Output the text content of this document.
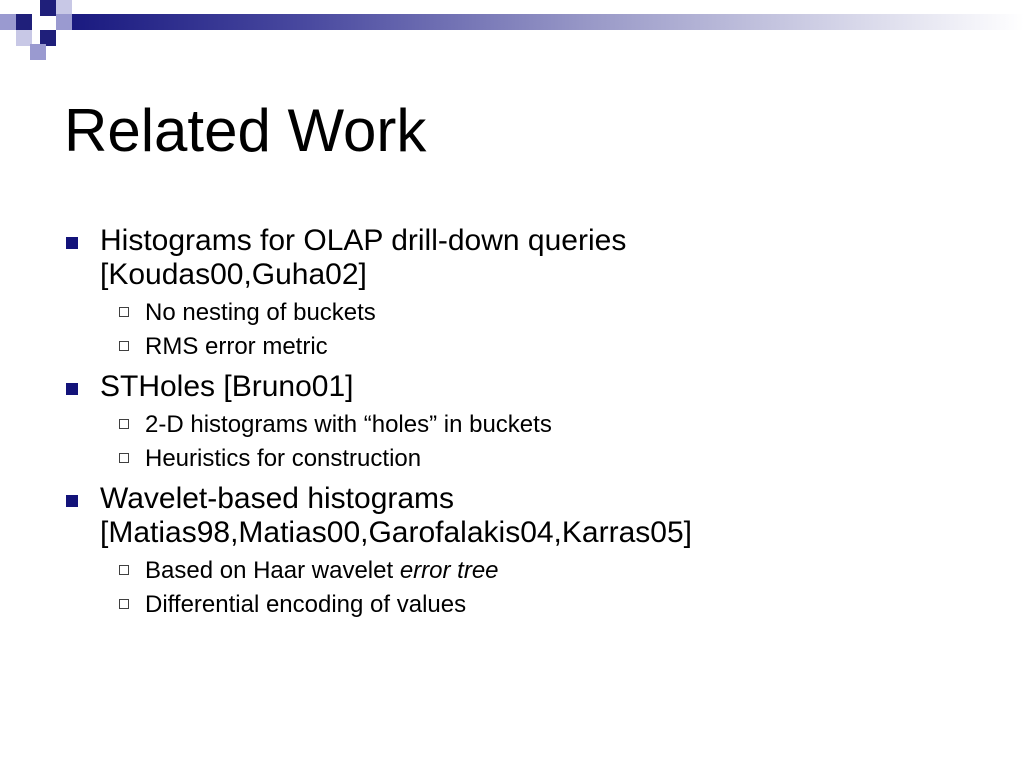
Related Work
Histograms for OLAP drill-down queries
[Koudas00,Guha02]
No nesting of buckets
RMS error metric
STHoles [Bruno01]
2-D histograms with “holes” in buckets
Heuristics for construction
Wavelet-based histograms
[Matias98,Matias00,Garofalakis04,Karras05]
Based on Haar wavelet error tree
Differential encoding of values
